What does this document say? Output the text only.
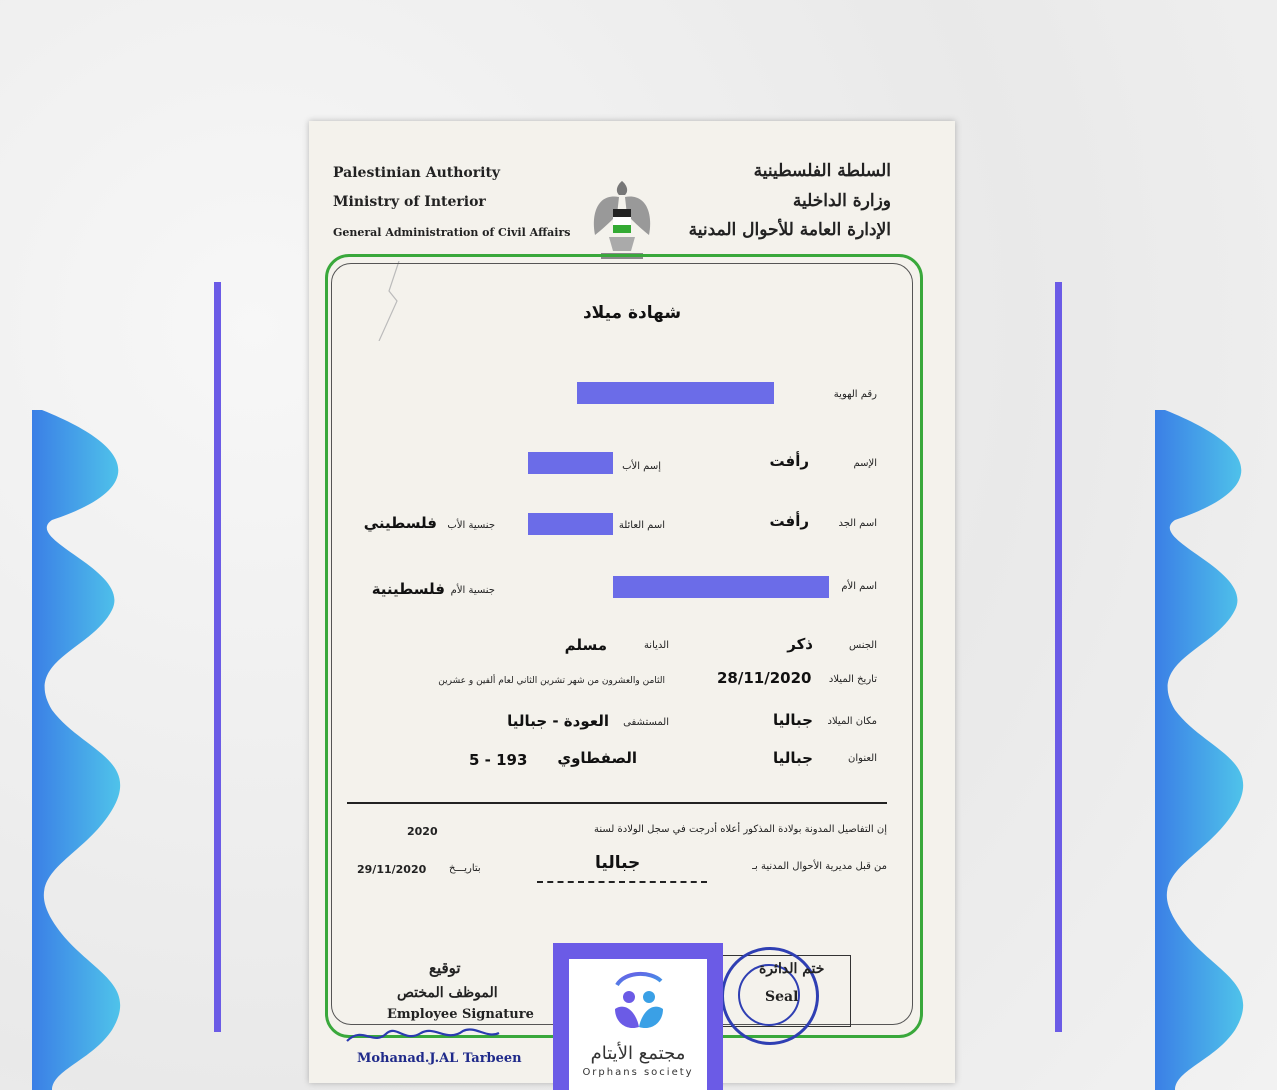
Palestinian Authority
Ministry of Interior
General Administration of Civil Affairs
السلطة الفلسطينية
وزارة الداخلية
الإدارة العامة للأحوال المدنية
شهادة ميلاد
رقم الهوية
الإسم
رأفت
إسم الأب
اسم الجد
رأفت
اسم العائلة
جنسية الأب
فلسطيني
اسم الأم
جنسية الأم
فلسطينية
الجنس
ذكر
الديانة
مسلم
تاريخ الميلاد
28/11/2020
الثامن والعشرون من شهر تشرين الثاني لعام ألفين و عشرين
مكان الميلاد
جباليا
المستشفى
العودة - جباليا
العنوان
جباليا
الصفطاوي
5 - 193
إن التفاصيل المدونة بولادة المذكور أعلاه أدرجت في سجل الولادة لسنة
2020
من قبل مديرية الأحوال المدنية بـ
جباليا
بتاريـــخ
29/11/2020
توقيع
الموظف المختص
Employee Signature
Mohanad.J.AL Tarbeen
ختم الدائرة
Seal
مجتمع الأيتام
Orphans society
